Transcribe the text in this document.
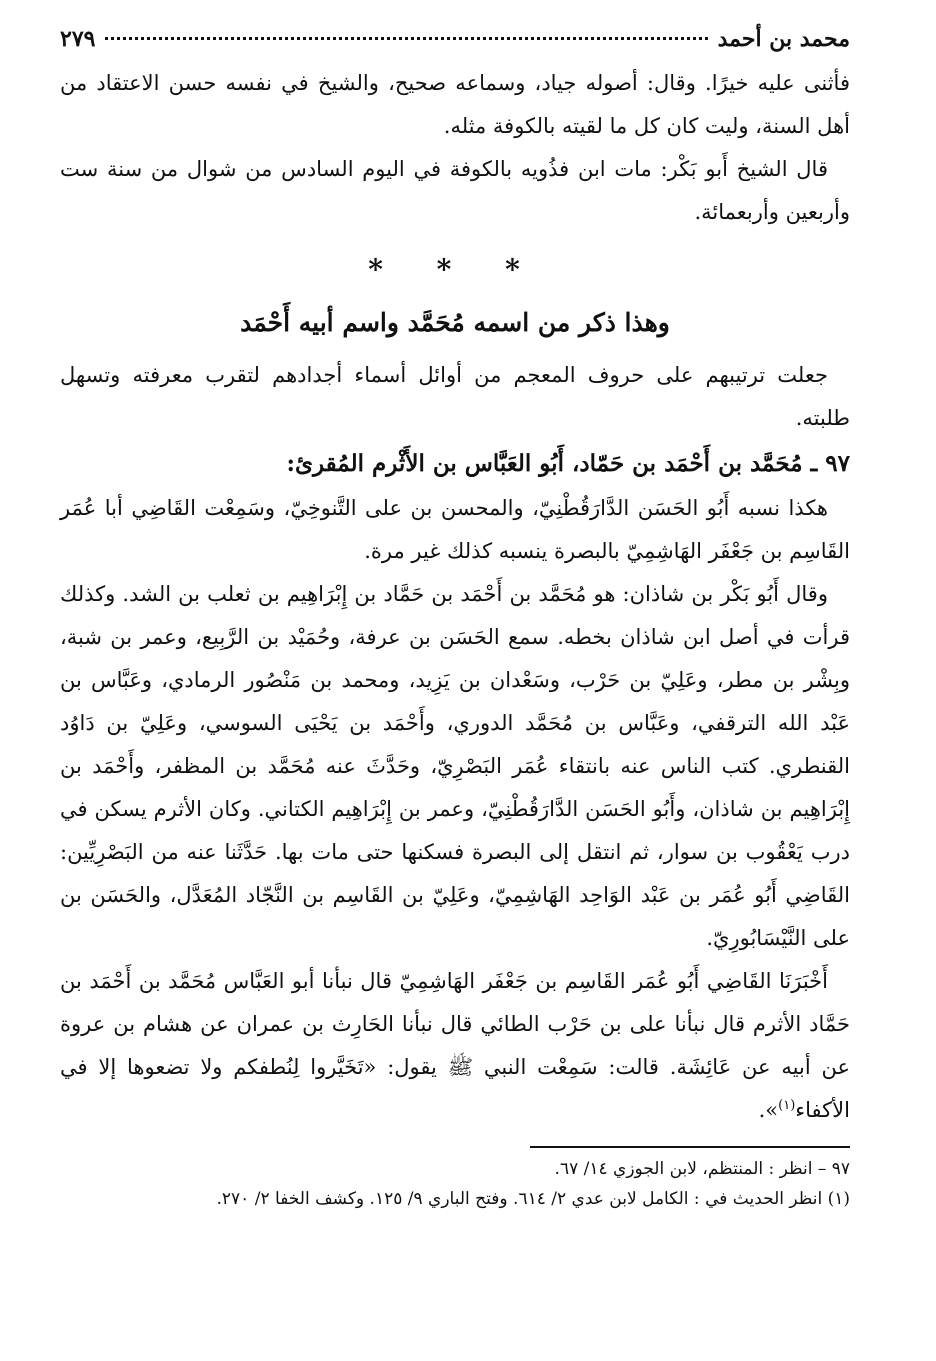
محمد بن أحمد
٢٧٩

فأثنى عليه خيرًا. وقال: أصوله جياد، وسماعه صحيح، والشيخ في نفسه حسن الاعتقاد من أهل السنة، وليت كان كل ما لقيته بالكوفة مثله.

قال الشيخ أَبو بَكْر: مات ابن فذُويه بالكوفة في اليوم السادس من شوال من سنة ست وأربعين وأربعمائة.

* * *
وهذا ذكر من اسمه مُحَمَّد واسم أبيه أَحْمَد

جعلت ترتيبهم على حروف المعجم من أوائل أسماء أجدادهم لتقرب معرفته وتسهل طلبته.

٩٧ ـ مُحَمَّد بن أَحْمَد بن حَمّاد، أَبُو العَبَّاس بن الأَثْرم المُقرئ:

هكذا نسبه أَبُو الحَسَن الدَّارَقُطْنِيّ، والمحسن بن على التَّنوخِيّ، وسَمِعْت القَاضِي أبا عُمَر القَاسِم بن جَعْفَر الهَاشِمِيّ بالبصرة ينسبه كذلك غير مرة.

وقال أَبُو بَكْر بن شاذان: هو مُحَمَّد بن أَحْمَد بن حَمَّاد بن إِبْرَاهِيم بن ثعلب بن الشد. وكذلك قرأت في أصل ابن شاذان بخطه. سمع الحَسَن بن عرفة، وحُمَيْد بن الرَّبِيع، وعمر بن شبة، وبِشْر بن مطر، وعَلِيّ بن حَرْب، وسَعْدان بن يَزِيد، ومحمد بن مَنْصُور الرمادي، وعَبَّاس بن عَبْد الله الترقفي، وعَبَّاس بن مُحَمَّد الدوري، وأَحْمَد بن يَحْيَى السوسي، وعَلِيّ بن دَاوُد القنطري. كتب الناس عنه بانتقاء عُمَر البَصْرِيّ، وحَدَّثَ عنه مُحَمَّد بن المظفر، وأَحْمَد بن إِبْرَاهِيم بن شاذان، وأَبُو الحَسَن الدَّارَقُطْنِيّ، وعمر بن إِبْرَاهِيم الكتاني. وكان الأثرم يسكن في درب يَعْقُوب بن سوار، ثم انتقل إلى البصرة فسكنها حتى مات بها. حَدَّثَنا عنه من البَصْرِيِّين: القَاضِي أَبُو عُمَر بن عَبْد الوَاحِد الهَاشِمِيّ، وعَلِيّ بن القَاسِم بن النَّجّاد المُعَدَّل، والحَسَن بن على النَّيْسَابُورِيّ.

أَخْبَرَنَا القَاضِي أَبُو عُمَر القَاسِم بن جَعْفَر الهَاشِمِيّ قال نبأنا أبو العَبَّاس مُحَمَّد بن أَحْمَد بن حَمَّاد الأثرم قال نبأنا على بن حَرْب الطائي قال نبأنا الحَارِث بن عمران عن هشام بن عروة عن أبيه عن عَائِشَة. قالت: سَمِعْت النبي ﷺ يقول: «تَخَيَّروا لِنُطفكم ولا تضعوها إلا في الأكفاء$^{(١)}$».

٩٧ – انظر : المنتظم، لابن الجوزي ١٤/ ٦٧.

(١) انظر الحديث في : الكامل لابن عدي ٢/ ٦١٤. وفتح الباري ٩/ ١٢٥. وكشف الخفا ٢/ ٢٧٠.
